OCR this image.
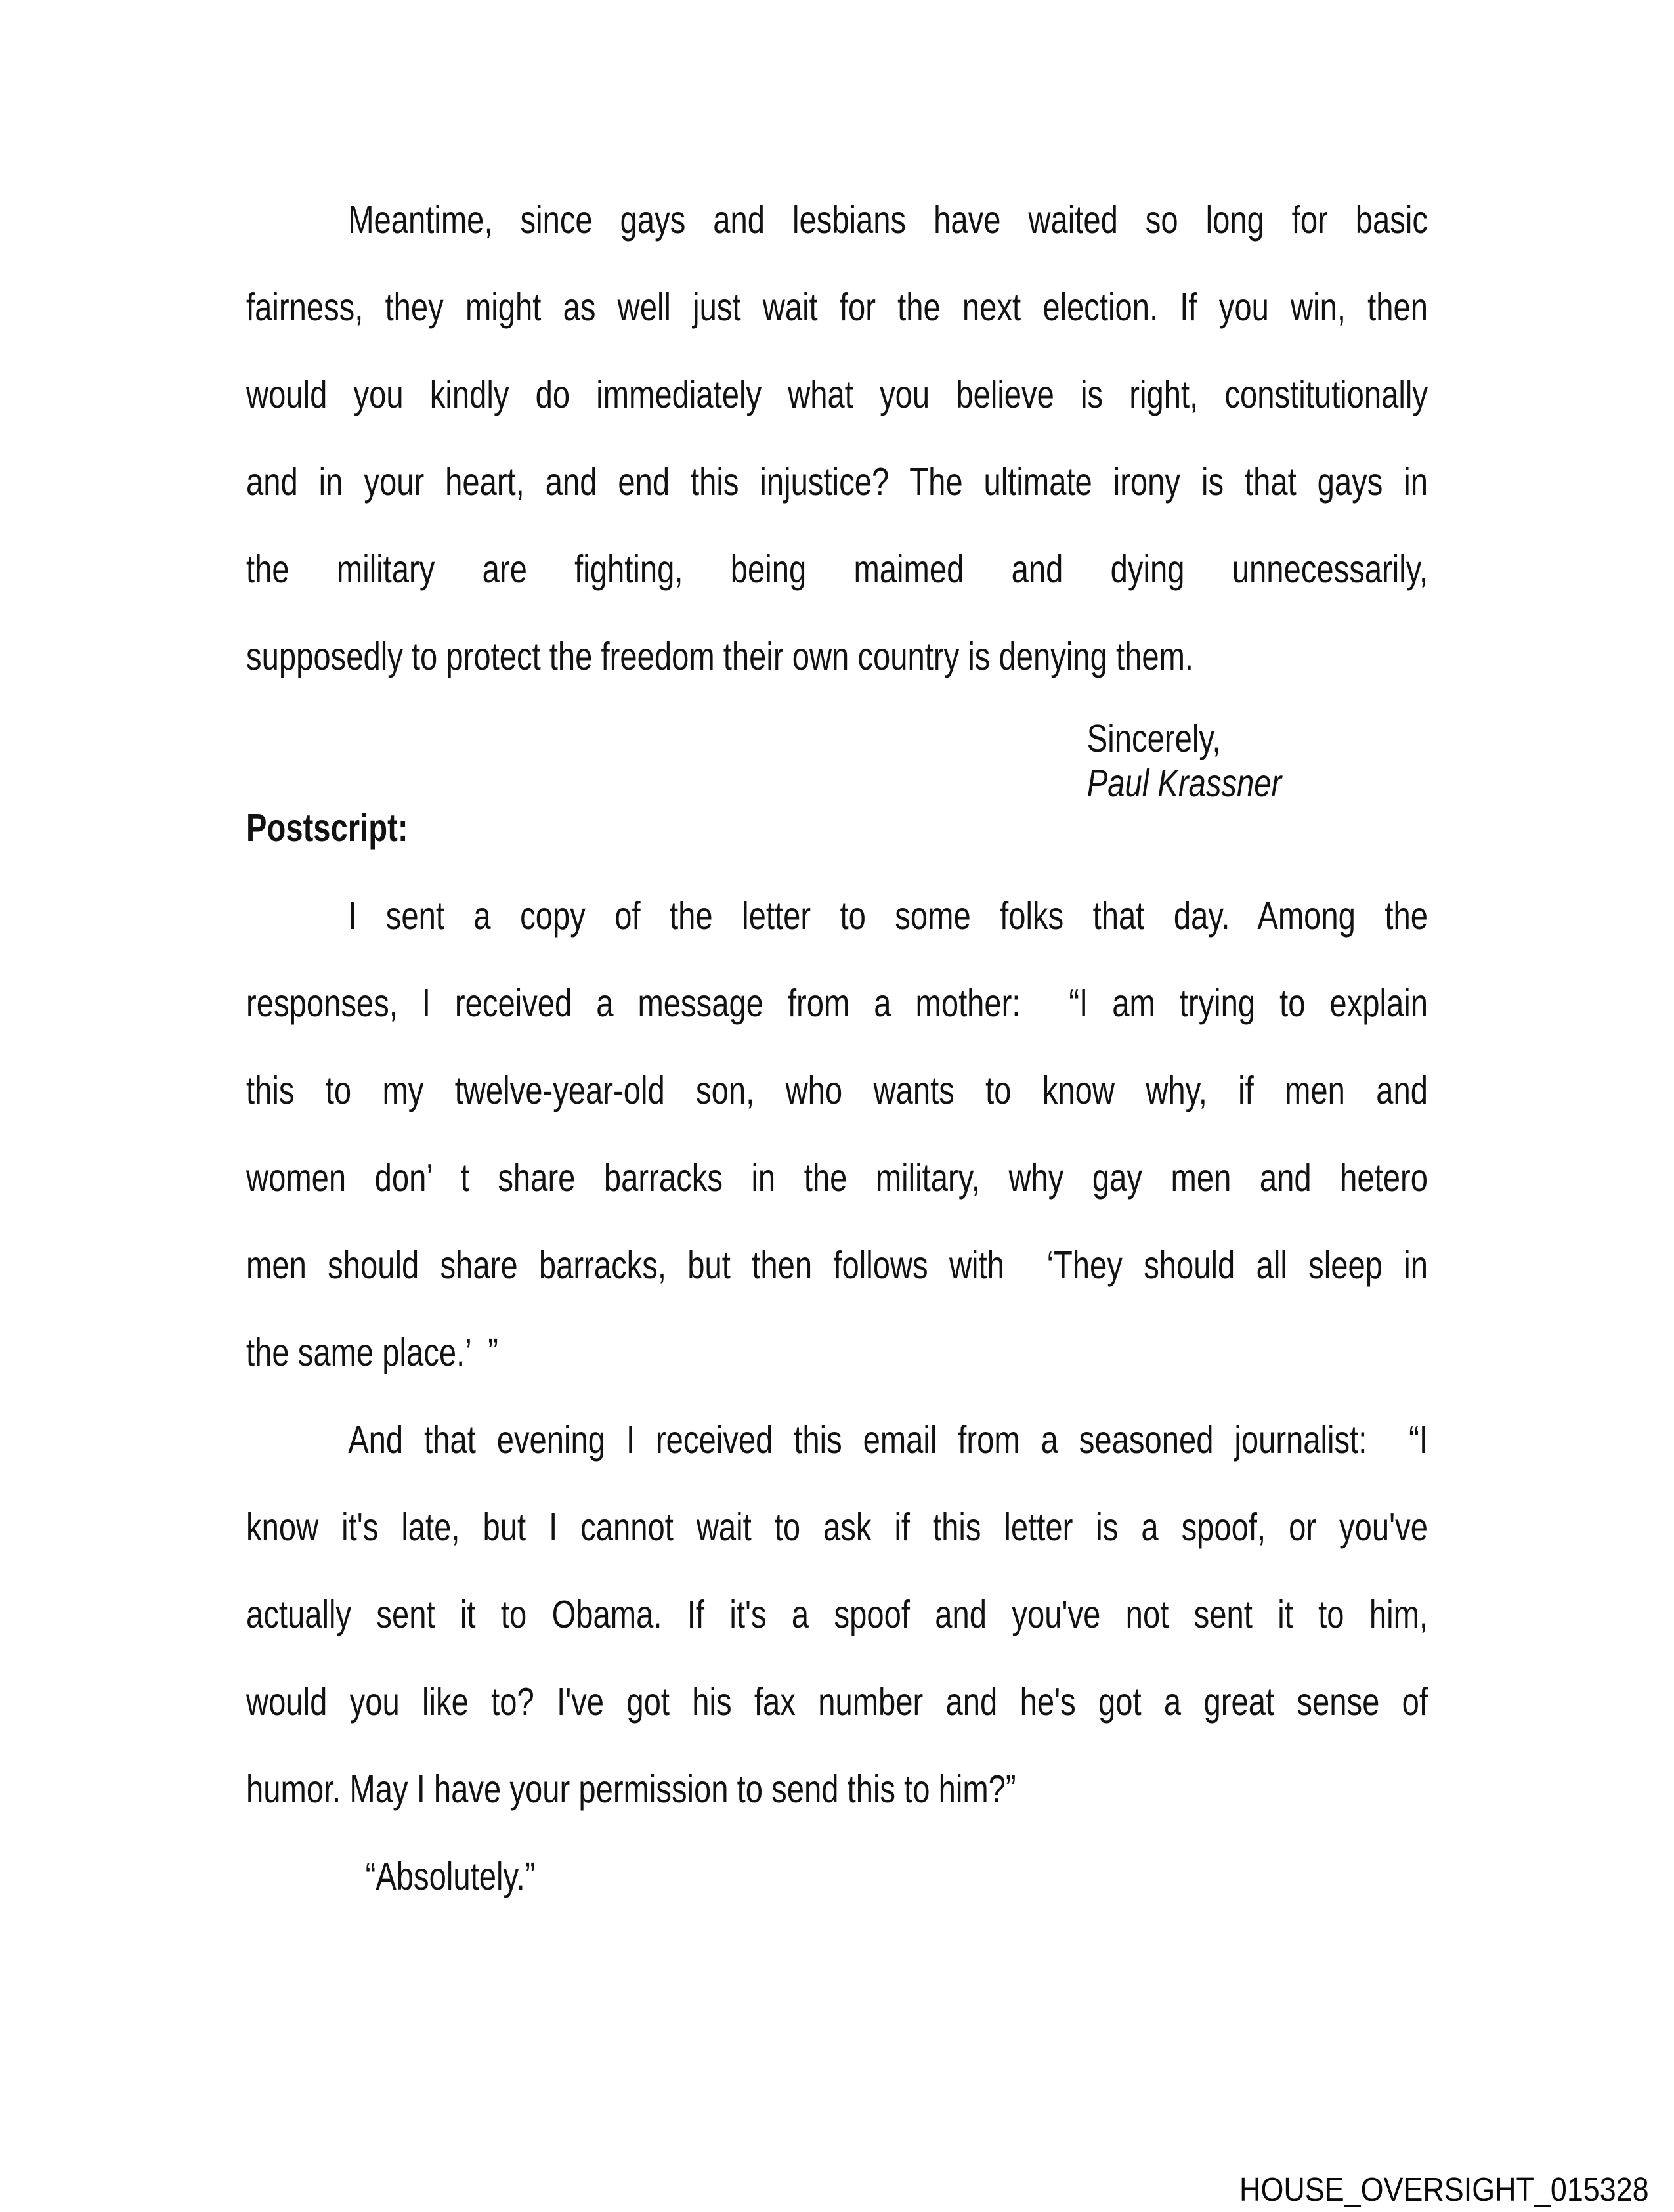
Meantime, since gays and lesbians have waited so long for basic
fairness, they might as well just wait for the next election. If you win, then
would you kindly do immediately what you believe is right, constitutionally
and in your heart, and end this injustice? The ultimate irony is that gays in
the military are fighting, being maimed and dying unnecessarily,
supposedly to protect the freedom their own country is denying them.
Sincerely,
Paul Krassner
Postscript:
I sent a copy of the letter to some folks that day. Among the
responses, I received a message from a mother:  “I am trying to explain
this to my twelve-year-old son, who wants to know why, if men and
women don’ t share barracks in the military, why gay men and hetero
men should share barracks, but then follows with  ‘They should all sleep in
the same place.’  ”
And that evening I received this email from a seasoned journalist:  “I
know it's late, but I cannot wait to ask if this letter is a spoof, or you've
actually sent it to Obama. If it's a spoof and you've not sent it to him,
would you like to? I've got his fax number and he's got a great sense of
humor. May I have your permission to send this to him?”
“Absolutely.”
HOUSE_OVERSIGHT_015328
